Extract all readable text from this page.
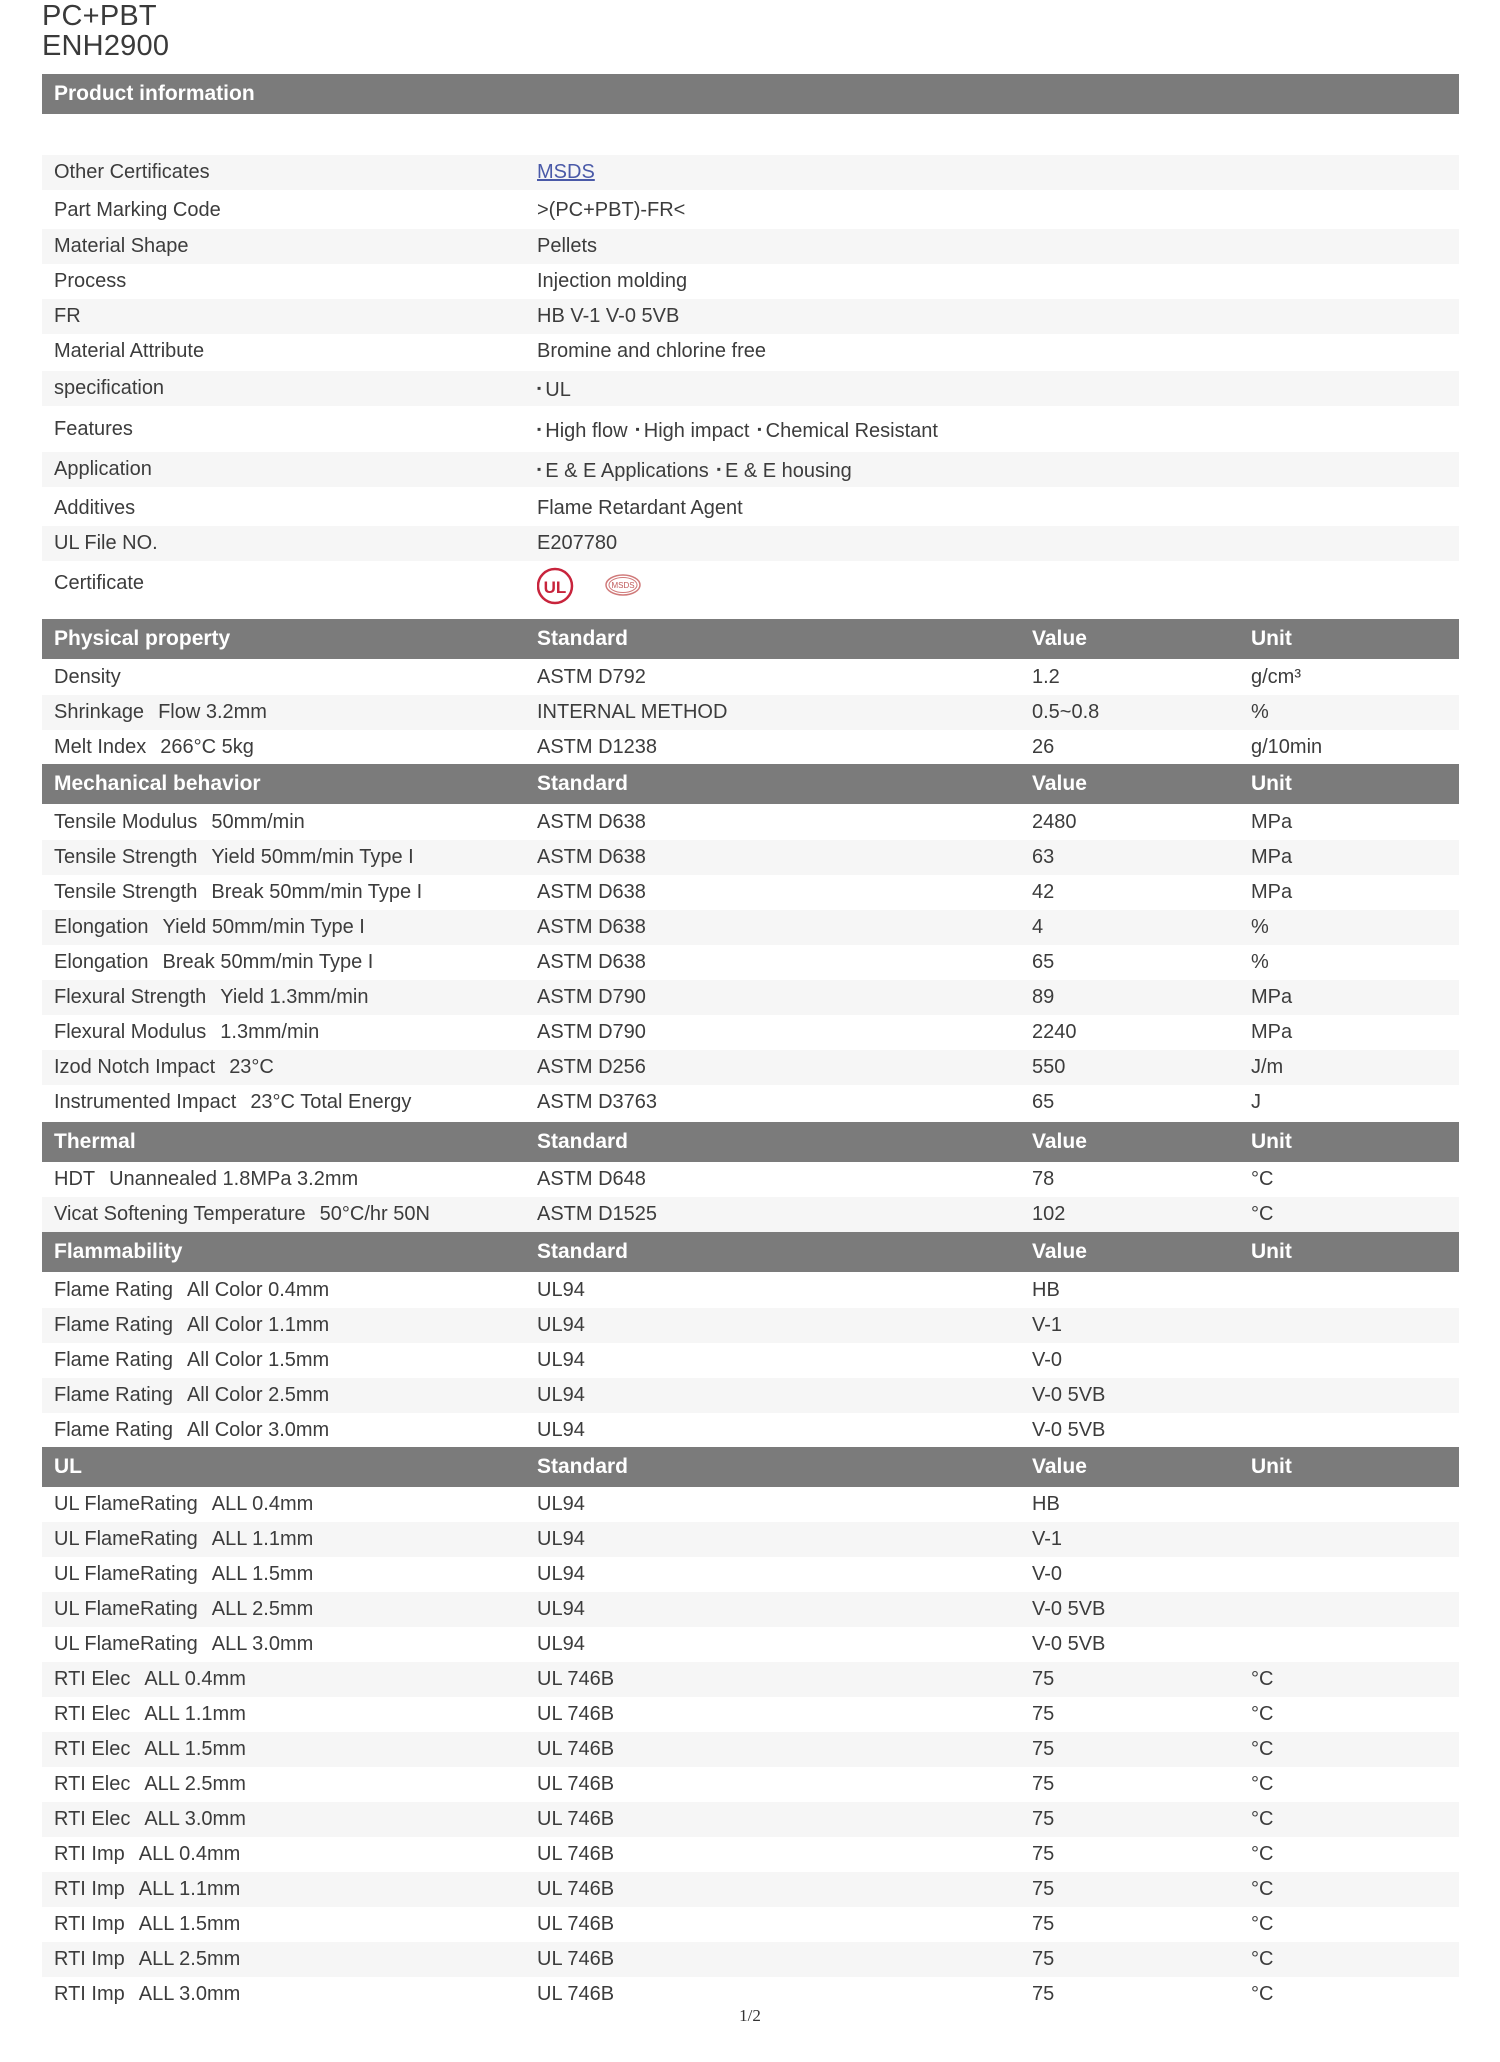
PC+PBT
ENH2900
Product information
Other Certificates	MSDS
Part Marking Code	>(PC+PBT)-FR<
Material Shape	Pellets
Process	Injection molding
FR	HB V-1 V-0 5VB
Material Attribute	Bromine and chlorine free
specification	▪ UL
Features	▪ High flow ▪ High impact ▪ Chemical Resistant
Application	▪ E & E Applications ▪ E & E housing
Additives	Flame Retardant Agent
UL File NO.	E207780
Certificate	UL	MSDS
Physical property	Standard	Value	Unit
Density	ASTM D792	1.2	g/cm³
Shrinkage Flow 3.2mm	INTERNAL METHOD	0.5~0.8	%
Melt Index 266°C 5kg	ASTM D1238	26	g/10min
Mechanical behavior	Standard	Value	Unit
Tensile Modulus 50mm/min	ASTM D638	2480	MPa
Tensile Strength Yield 50mm/min Type I	ASTM D638	63	MPa
Tensile Strength Break 50mm/min Type I	ASTM D638	42	MPa
Elongation Yield 50mm/min Type I	ASTM D638	4	%
Elongation Break 50mm/min Type I	ASTM D638	65	%
Flexural Strength Yield 1.3mm/min	ASTM D790	89	MPa
Flexural Modulus 1.3mm/min	ASTM D790	2240	MPa
Izod Notch Impact 23°C	ASTM D256	550	J/m
Instrumented Impact 23°C Total Energy	ASTM D3763	65	J
Thermal	Standard	Value	Unit
HDT Unannealed 1.8MPa 3.2mm	ASTM D648	78	°C
Vicat Softening Temperature 50°C/hr 50N	ASTM D1525	102	°C
Flammability	Standard	Value	Unit
Flame Rating All Color 0.4mm	UL94	HB
Flame Rating All Color 1.1mm	UL94	V-1
Flame Rating All Color 1.5mm	UL94	V-0
Flame Rating All Color 2.5mm	UL94	V-0 5VB
Flame Rating All Color 3.0mm	UL94	V-0 5VB
UL	Standard	Value	Unit
UL FlameRating ALL 0.4mm	UL94	HB
UL FlameRating ALL 1.1mm	UL94	V-1
UL FlameRating ALL 1.5mm	UL94	V-0
UL FlameRating ALL 2.5mm	UL94	V-0 5VB
UL FlameRating ALL 3.0mm	UL94	V-0 5VB
RTI Elec ALL 0.4mm	UL 746B	75	°C
RTI Elec ALL 1.1mm	UL 746B	75	°C
RTI Elec ALL 1.5mm	UL 746B	75	°C
RTI Elec ALL 2.5mm	UL 746B	75	°C
RTI Elec ALL 3.0mm	UL 746B	75	°C
RTI Imp ALL 0.4mm	UL 746B	75	°C
RTI Imp ALL 1.1mm	UL 746B	75	°C
RTI Imp ALL 1.5mm	UL 746B	75	°C
RTI Imp ALL 2.5mm	UL 746B	75	°C
RTI Imp ALL 3.0mm	UL 746B	75	°C
1/2
